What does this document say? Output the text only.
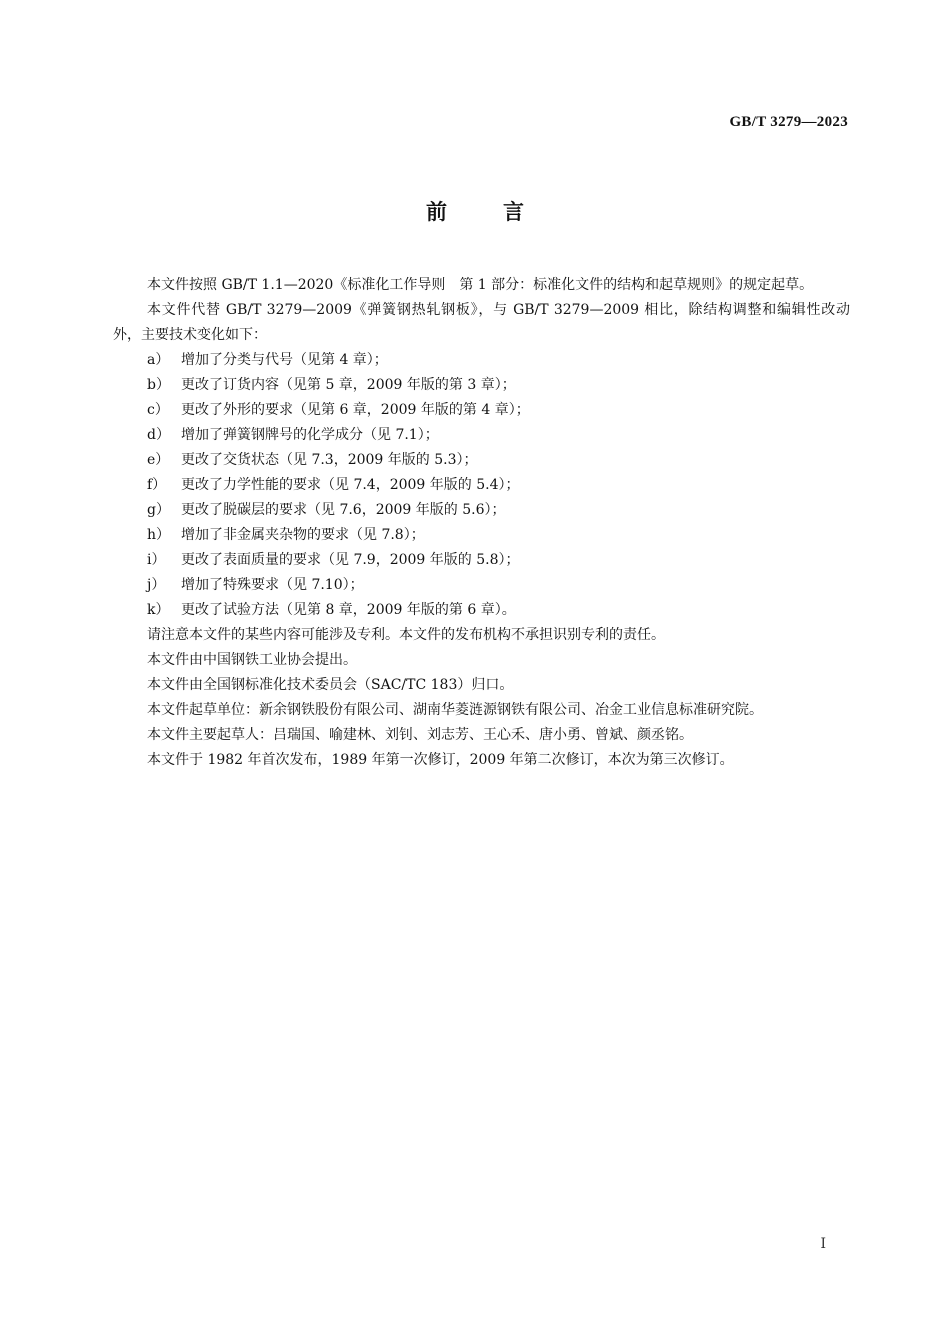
GB/T 3279—2023
前言

本文件按照 GB/T 1.1—2020《标准化工作导则　第 1 部分：标准化文件的结构和起草规则》的规定起草。

本文件代替 GB/T 3279—2009《弹簧钢热轧钢板》，与 GB/T 3279—2009 相比，除结构调整和编辑性改动外，主要技术变化如下：

a） 增加了分类与代号（见第 4 章）；
b） 更改了订货内容（见第 5 章，2009 年版的第 3 章）；
c） 更改了外形的要求（见第 6 章，2009 年版的第 4 章）；
d） 增加了弹簧钢牌号的化学成分（见 7.1）；
e） 更改了交货状态（见 7.3，2009 年版的 5.3）；
f）	更改了力学性能的要求（见 7.4，2009 年版的 5.4）；
g） 更改了脱碳层的要求（见 7.6，2009 年版的 5.6）；
h） 增加了非金属夹杂物的要求（见 7.8）；
i）	更改了表面质量的要求（见 7.9，2009 年版的 5.8）；
j）	增加了特殊要求（见 7.10）；
k） 更改了试验方法（见第 8 章，2009 年版的第 6 章）。

请注意本文件的某些内容可能涉及专利。本文件的发布机构不承担识别专利的责任。

本文件由中国钢铁工业协会提出。

本文件由全国钢标准化技术委员会（SAC/TC 183）归口。

本文件起草单位：新余钢铁股份有限公司、湖南华菱涟源钢铁有限公司、冶金工业信息标准研究院。

本文件主要起草人：吕瑞国、喻建林、刘钊、刘志芳、王心禾、唐小勇、曾斌、颜丞铭。

本文件于 1982 年首次发布，1989 年第一次修订，2009 年第二次修订，本次为第三次修订。

I
